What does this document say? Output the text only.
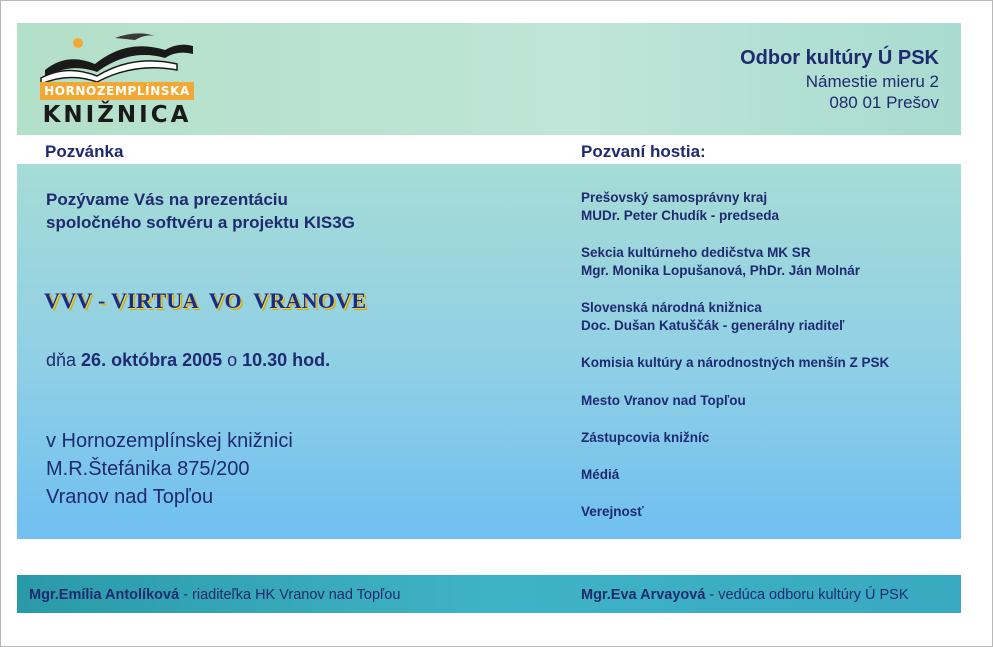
HORNOZEMPLÍNSKA
KNIŽNICA
Odbor kultúry Ú PSK
Námestie mieru 2
080 01 Prešov
Pozvánka	Pozvaní hostia:
Pozývame Vás na prezentáciu
spoločného softvéru a projektu KIS3G
VVV - VIRTUA  VO  VRANOVE
dňa 26. októbra 2005 o 10.30 hod.
v Hornozemplínskej knižnici
M.R.Štefánika 875/200
Vranov nad Topľou
Prešovský samosprávny kraj
MUDr. Peter Chudík - predseda
Sekcia kultúrneho dedičstva MK SR
Mgr. Monika Lopušanová, PhDr. Ján Molnár
Slovenská národná knižnica
Doc. Dušan Katuščák - generálny riaditeľ
Komisia kultúry a národnostných menšín Z PSK
Mesto Vranov nad Topľou
Zástupcovia knižníc
Médiá
Verejnosť
Mgr.Emília Antolíková - riaditeľka HK Vranov nad Topľou	Mgr.Eva Arvayová - vedúca odboru kultúry Ú PSK
